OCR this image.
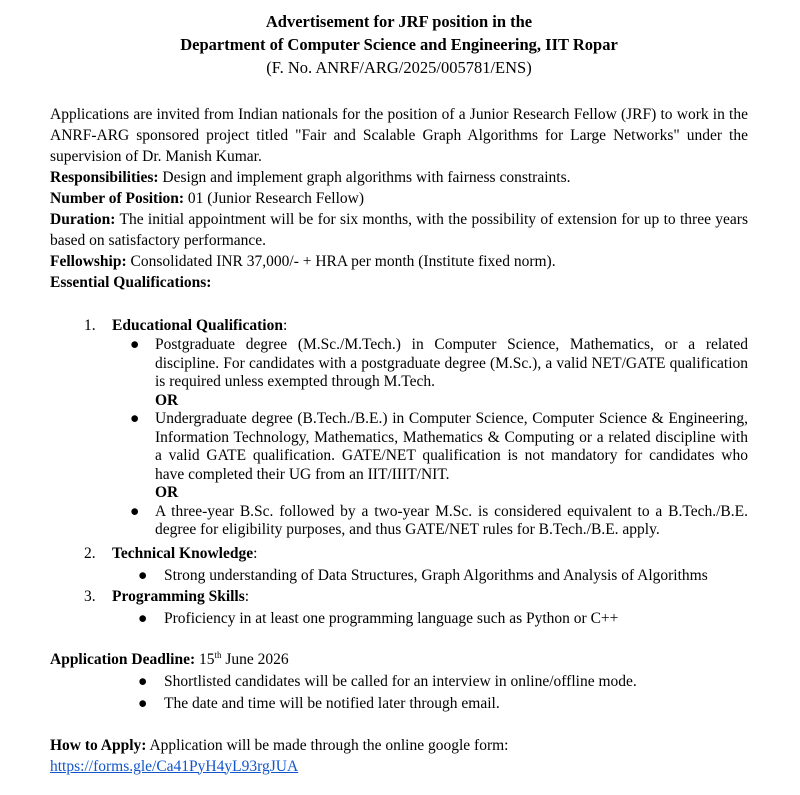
Advertisement for JRF position in the
Department of Computer Science and Engineering, IIT Ropar
(F. No. ANRF/ARG/2025/005781/ENS)

Applications are invited from Indian nationals for the position of a Junior Research Fellow (JRF) to work in the ANRF-ARG sponsored project titled "Fair and Scalable Graph Algorithms for Large Networks" under the supervision of Dr. Manish Kumar.

Responsibilities: Design and implement graph algorithms with fairness constraints.

Number of Position: 01 (Junior Research Fellow)

Duration: The initial appointment will be for six months, with the possibility of extension for up to three years based on satisfactory performance.

Fellowship: Consolidated INR 37,000/- + HRA per month (Institute fixed norm).

Essential Qualifications:

1. Educational Qualification:
● Postgraduate degree (M.Sc./M.Tech.) in Computer Science, Mathematics, or a related discipline. For candidates with a postgraduate degree (M.Sc.), a valid NET/GATE qualification is required unless exempted through M.Tech.
OR
● Undergraduate degree (B.Tech./B.E.) in Computer Science, Computer Science & Engineering, Information Technology, Mathematics, Mathematics & Computing or a related discipline with a valid GATE qualification. GATE/NET qualification is not mandatory for candidates who have completed their UG from an IIT/IIIT/NIT.
OR
● A three-year B.Sc. followed by a two-year M.Sc. is considered equivalent to a B.Tech./B.E. degree for eligibility purposes, and thus GATE/NET rules for B.Tech./B.E. apply.
2. Technical Knowledge:
● Strong understanding of Data Structures, Graph Algorithms and Analysis of Algorithms
3. Programming Skills:
● Proficiency in at least one programming language such as Python or C++
Application Deadline: 15th June 2026
● Shortlisted candidates will be called for an interview in online/offline mode.
● The date and time will be notified later through email.
How to Apply: Application will be made through the online google form:
https://forms.gle/Ca41PyH4yL93rgJUA
